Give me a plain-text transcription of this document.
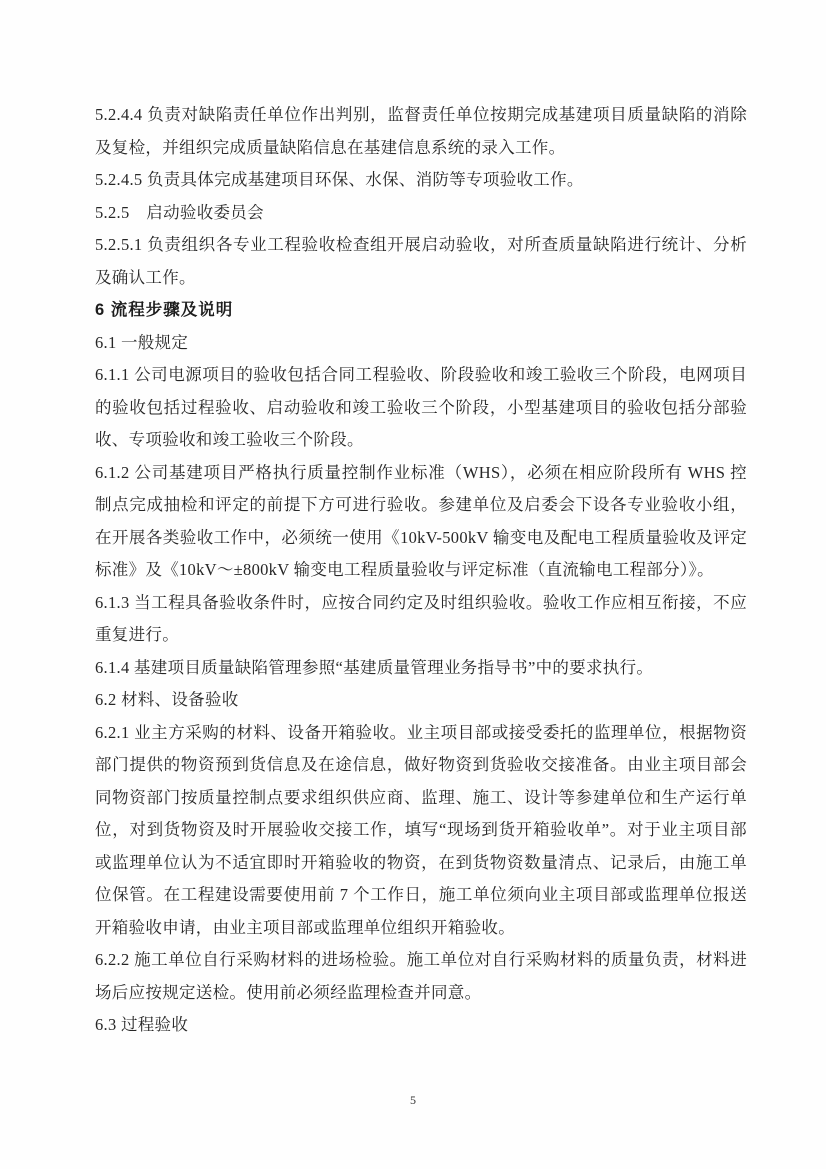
5.2.4.4 负责对缺陷责任单位作出判别，监督责任单位按期完成基建项目质量缺陷的消除及复检，并组织完成质量缺陷信息在基建信息系统的录入工作。

5.2.4.5 负责具体完成基建项目环保、水保、消防等专项验收工作。

5.2.5　启动验收委员会

5.2.5.1 负责组织各专业工程验收检查组开展启动验收，对所查质量缺陷进行统计、分析及确认工作。

6 流程步骤及说明

6.1 一般规定

6.1.1 公司电源项目的验收包括合同工程验收、阶段验收和竣工验收三个阶段，电网项目的验收包括过程验收、启动验收和竣工验收三个阶段，小型基建项目的验收包括分部验收、专项验收和竣工验收三个阶段。

6.1.2 公司基建项目严格执行质量控制作业标准（WHS），必须在相应阶段所有 WHS 控制点完成抽检和评定的前提下方可进行验收。参建单位及启委会下设各专业验收小组，在开展各类验收工作中，必须统一使用《10kV-500kV 输变电及配电工程质量验收及评定标准》及《10kV～±800kV 输变电工程质量验收与评定标准（直流输电工程部分）》。

6.1.3 当工程具备验收条件时，应按合同约定及时组织验收。验收工作应相互衔接，不应重复进行。

6.1.4 基建项目质量缺陷管理参照“基建质量管理业务指导书”中的要求执行。

6.2 材料、设备验收

6.2.1 业主方采购的材料、设备开箱验收。业主项目部或接受委托的监理单位，根据物资部门提供的物资预到货信息及在途信息，做好物资到货验收交接准备。由业主项目部会同物资部门按质量控制点要求组织供应商、监理、施工、设计等参建单位和生产运行单位，对到货物资及时开展验收交接工作，填写“现场到货开箱验收单”。对于业主项目部或监理单位认为不适宜即时开箱验收的物资，在到货物资数量清点、记录后，由施工单位保管。在工程建设需要使用前 7 个工作日，施工单位须向业主项目部或监理单位报送开箱验收申请，由业主项目部或监理单位组织开箱验收。

6.2.2 施工单位自行采购材料的进场检验。施工单位对自行采购材料的质量负责，材料进场后应按规定送检。使用前必须经监理检查并同意。

6.3 过程验收

5
